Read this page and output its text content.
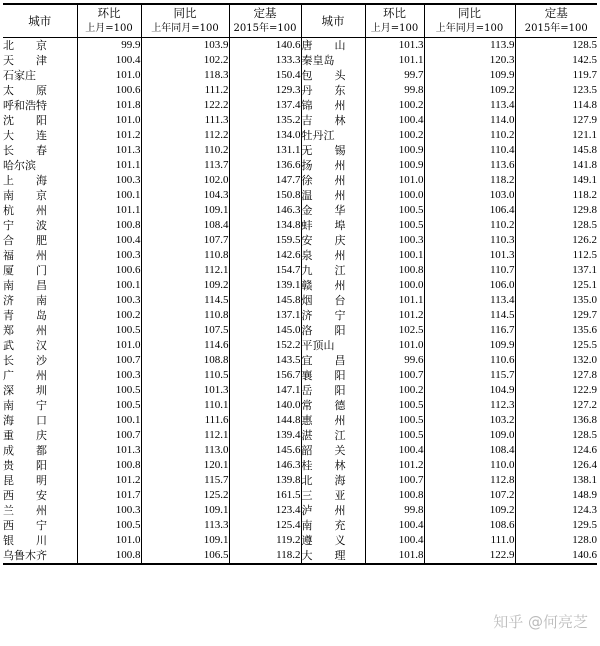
城市	环比	同比	定基	城市	环比	同比	定基
	上月=100	上年同月=100	2015年=100		上月=100	上年同月=100	2015年=100
北　　京	99.9	103.9	140.6	唐　　山	101.3	113.9	128.5
天　　津	100.4	102.2	133.3	秦皇岛	101.1	120.3	142.5
石家庄	101.0	118.3	150.4	包　　头	99.7	109.9	119.7
太　　原	100.6	111.2	129.3	丹　　东	99.8	109.2	123.5
呼和浩特	101.8	122.2	137.4	锦　　州	100.2	113.4	114.8
沈　　阳	101.0	111.3	135.2	吉　　林	100.4	114.0	127.9
大　　连	101.2	112.2	134.0	牡丹江	100.2	110.2	121.1
长　　春	101.3	110.2	131.1	无　　锡	100.9	110.4	145.8
哈尔滨	101.1	113.7	136.6	扬　　州	100.9	113.6	141.8
上　　海	100.3	102.0	147.7	徐　　州	101.0	118.2	149.1
南　　京	100.1	104.3	150.8	温　　州	100.0	103.0	118.2
杭　　州	101.1	109.1	146.3	金　　华	100.5	106.4	129.8
宁　　波	100.8	108.4	134.8	蚌　　埠	100.5	110.2	128.5
合　　肥	100.4	107.7	159.5	安　　庆	100.3	110.3	126.2
福　　州	100.3	110.8	142.6	泉　　州	100.1	101.3	112.5
厦　　门	100.6	112.1	154.7	九　　江	100.8	110.7	137.1
南　　昌	100.1	109.2	139.1	赣　　州	100.0	106.0	125.1
济　　南	100.3	114.5	145.8	烟　　台	101.1	113.4	135.0
青　　岛	100.2	110.8	137.1	济　　宁	101.2	114.5	129.7
郑　　州	100.5	107.5	145.0	洛　　阳	102.5	116.7	135.6
武　　汉	101.0	114.6	152.2	平顶山	101.0	109.9	125.5
长　　沙	100.7	108.8	143.5	宜　　昌	99.6	110.6	132.0
广　　州	100.3	110.5	156.7	襄　　阳	100.7	115.7	127.8
深　　圳	100.5	101.3	147.1	岳　　阳	100.2	104.9	122.9
南　　宁	100.5	110.1	140.0	常　　德	100.5	112.3	127.2
海　　口	100.1	111.6	144.8	惠　　州	100.5	103.2	136.8
重　　庆	100.7	112.1	139.4	湛　　江	100.5	109.0	128.5
成　　都	101.3	113.0	145.6	韶　　关	100.4	108.4	124.6
贵　　阳	100.8	120.1	146.3	桂　　林	101.2	110.0	126.4
昆　　明	101.2	115.7	139.8	北　　海	100.7	112.8	138.1
西　　安	101.7	125.2	161.5	三　　亚	100.8	107.2	148.9
兰　　州	100.3	109.1	123.4	泸　　州	99.8	109.2	124.3
西　　宁	100.5	113.3	125.4	南　　充	100.4	108.6	129.5
银　　川	101.0	109.1	119.2	遵　　义	100.4	111.0	128.0
乌鲁木齐	100.8	106.5	118.2	大　　理	101.8	122.9	140.6
知乎 @何亮芝
